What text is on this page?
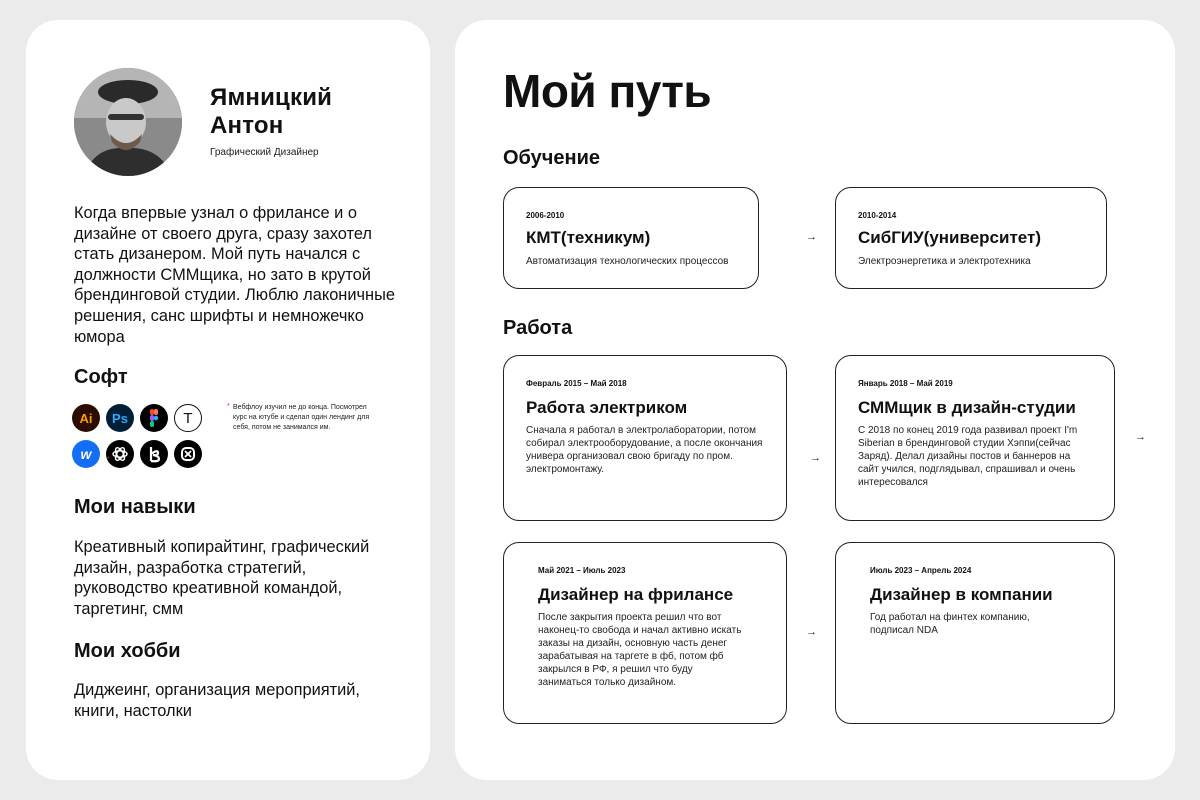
Ямницкий
Антон
Графический Дизайнер
Когда впервые узнал о фрилансе и о дизайне от своего друга, сразу захотел стать дизанером. Мой путь начался с должности СММщика, но зато в крутой брендинговой студии. Люблю лаконичные решения, санс шрифты и немножечко юмора
Софт
Ai	Ps	T
w	*
* Вебфлоу изучил не до конца. Посмотрел курс на ютубе и сделал один лендинг для себя, потом не занимался им.
Мои навыки
Креативный копирайтинг, графический дизайн, разработка стратегий, руководство креативной командой, таргетинг, смм
Мои хобби
Диджеинг, организация мероприятий, книги, настолки
Мой путь
Обучение
2006-2010
КМТ(техникум)
Автоматизация технологических процессов
→
2010-2014
СибГИУ(университет)
Электроэнергетика и электротехника
Работа
Февраль 2015 – Май 2018
Работа электриком
Сначала я работал в электролаборатории, потом собирал электрооборудование, а после окончания универа организовал свою бригаду по пром. электромонтажу.
→
Январь 2018 – Май 2019
СММщик в дизайн-студии
С 2018 по конец 2019 года развивал проект I'm Siberian в брендинговой студии Хэппи(сейчас Заряд). Делал дизайны постов и баннеров на сайт учился, подглядывал, спрашивал и очень интересовался
→
Май 2021 – Июль 2023
Дизайнер на фрилансе
После закрытия проекта решил что вот наконец-то свобода и начал активно искать заказы на дизайн, основную часть денег зарабатывая на таргете в фб, потом фб закрылся в РФ, я решил что буду заниматься только дизайном.
→
Июль 2023 – Апрель 2024
Дизайнер в компании
Год работал на финтех компанию, подписал NDA
